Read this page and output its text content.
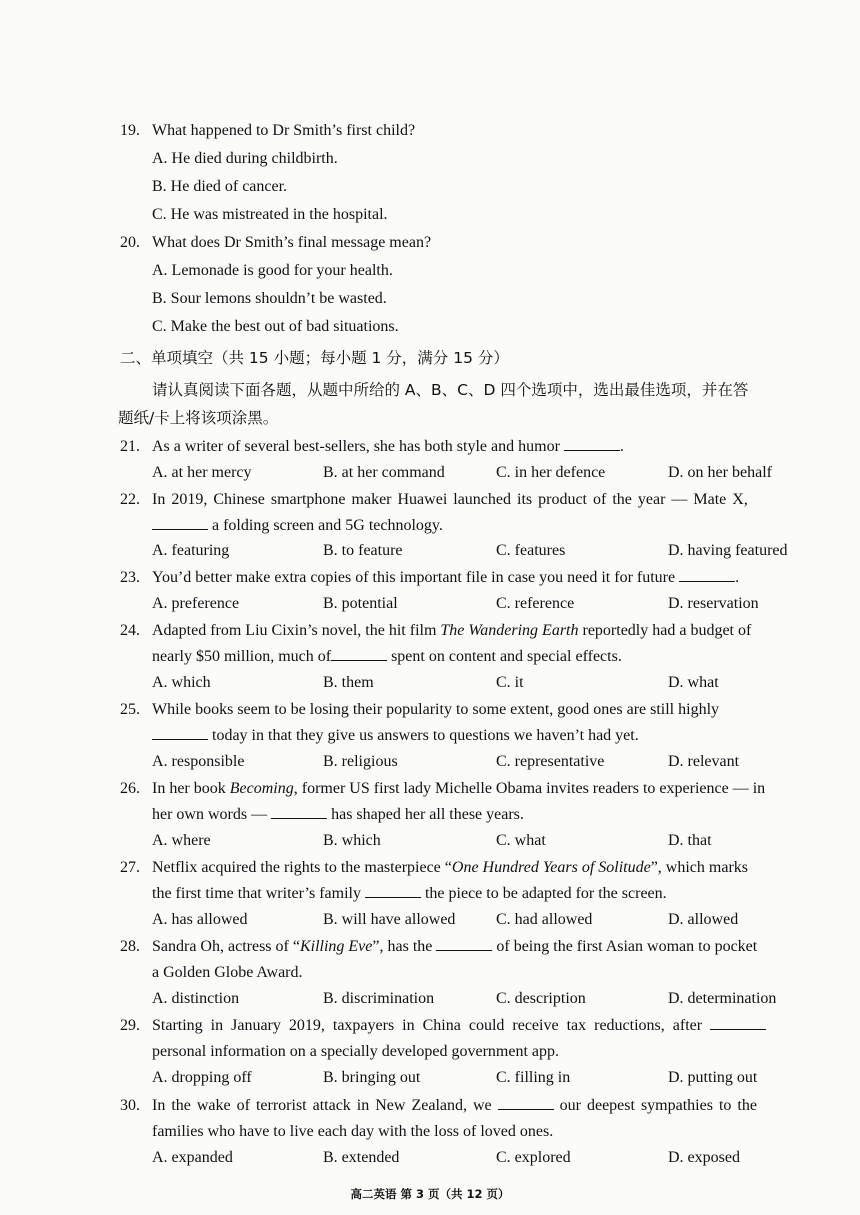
19. What happened to Dr Smith’s first child?
A. He died during childbirth.
B. He died of cancer.
C. He was mistreated in the hospital.
20. What does Dr Smith’s final message mean?
A. Lemonade is good for your health.
B. Sour lemons shouldn’t be wasted.
C. Make the best out of bad situations.
二、单项填空（共 15 小题；每小题 1 分，满分 15 分）
请认真阅读下面各题，从题中所给的 A、B、C、D 四个选项中，选出最佳选项，并在答
题纸/卡上将该项涂黑。
21. As a writer of several best-sellers, she has both style and humor	.
A. at her mercy	B. at her command	C. in her defence	D. on her behalf
22. In 2019, Chinese smartphone maker Huawei launched its product of the year — Mate X,
a folding screen and 5G technology.
A. featuring	B. to feature	C. features	D. having featured
23. You’d better make extra copies of this important file in case you need it for future	.
A. preference	B. potential	C. reference	D. reservation
24. Adapted from Liu Cixin’s novel, the hit film The Wandering Earth reportedly had a budget of
nearly $50 million, much of	spent on content and special effects.
A. which	B. them	C. it	D. what
25. While books seem to be losing their popularity to some extent, good ones are still highly
today in that they give us answers to questions we haven’t had yet.
A. responsible	B. religious	C. representative	D. relevant
26. In her book Becoming, former US first lady Michelle Obama invites readers to experience — in
her own words —	has shaped her all these years.
A. where	B. which	C. what	D. that
27. Netflix acquired the rights to the masterpiece “One Hundred Years of Solitude”, which marks
the first time that writer’s family	the piece to be adapted for the screen.
A. has allowed	B. will have allowed	C. had allowed	D. allowed
28. Sandra Oh, actress of “Killing Eve”, has the	of being the first Asian woman to pocket
a Golden Globe Award.
A. distinction	B. discrimination	C. description	D. determination
29. Starting in January 2019, taxpayers in China could receive tax reductions, after
personal information on a specially developed government app.
A. dropping off	B. bringing out	C. filling in	D. putting out
30. In the wake of terrorist attack in New Zealand, we	our deepest sympathies to the
families who have to live each day with the loss of loved ones.
A. expanded	B. extended	C. explored	D. exposed
高二英语 第 3 页（共 12 页）
